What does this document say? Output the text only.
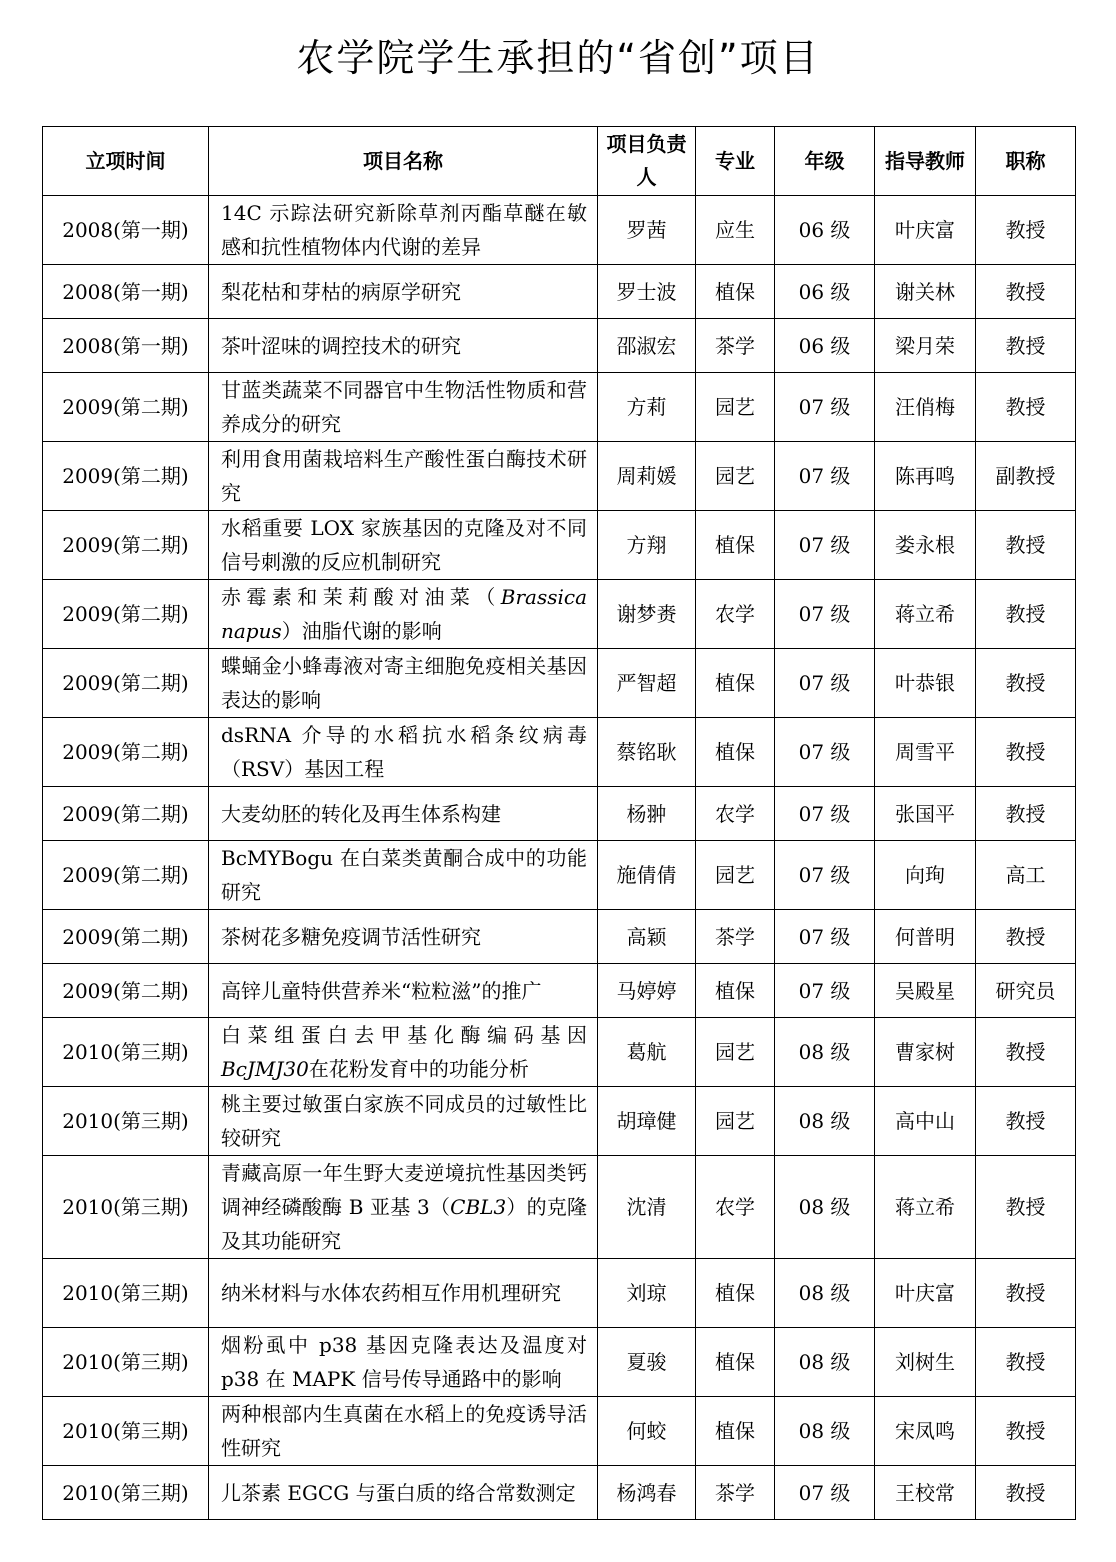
农学院学生承担的“省创”项目
立项时间	项目名称	项目负责人	专业	年级	指导教师	职称
2008(第一期)	14C 示踪法研究新除草剂丙酯草醚在敏感和抗性植物体内代谢的差异	罗茜	应生	06 级	叶庆富	教授
2008(第一期)	梨花枯和芽枯的病原学研究	罗士波	植保	06 级	谢关林	教授
2008(第一期)	茶叶涩味的调控技术的研究	邵淑宏	茶学	06 级	梁月荣	教授
2009(第二期)	甘蓝类蔬菜不同器官中生物活性物质和营养成分的研究	方莉	园艺	07 级	汪俏梅	教授
2009(第二期)	利用食用菌栽培料生产酸性蛋白酶技术研究	周莉媛	园艺	07 级	陈再鸣	副教授
2009(第二期)	水稻重要 LOX 家族基因的克隆及对不同信号刺激的反应机制研究	方翔	植保	07 级	娄永根	教授
2009(第二期)	赤霉素和茉莉酸对油菜（Brassica napus）油脂代谢的影响	谢梦赉	农学	07 级	蒋立希	教授
2009(第二期)	蝶蛹金小蜂毒液对寄主细胞免疫相关基因表达的影响	严智超	植保	07 级	叶恭银	教授
2009(第二期)	dsRNA 介导的水稻抗水稻条纹病毒（RSV）基因工程	蔡铭耿	植保	07 级	周雪平	教授
2009(第二期)	大麦幼胚的转化及再生体系构建	杨翀	农学	07 级	张国平	教授
2009(第二期)	BcMYBogu 在白菜类黄酮合成中的功能研究	施倩倩	园艺	07 级	向珣	高工
2009(第二期)	茶树花多糖免疫调节活性研究	高颖	茶学	07 级	何普明	教授
2009(第二期)	高锌儿童特供营养米“粒粒滋”的推广	马婷婷	植保	07 级	吴殿星	研究员
2010(第三期)	白菜组蛋白去甲基化酶编码基因BcJMJ30在花粉发育中的功能分析	葛航	园艺	08 级	曹家树	教授
2010(第三期)	桃主要过敏蛋白家族不同成员的过敏性比较研究	胡璋健	园艺	08 级	高中山	教授
2010(第三期)	青藏高原一年生野大麦逆境抗性基因类钙调神经磷酸酶 B 亚基 3（CBL3）的克隆及其功能研究	沈清	农学	08 级	蒋立希	教授
2010(第三期)	纳米材料与水体农药相互作用机理研究	刘琼	植保	08 级	叶庆富	教授
2010(第三期)	烟粉虱中 p38 基因克隆表达及温度对 p38 在 MAPK 信号传导通路中的影响	夏骏	植保	08 级	刘树生	教授
2010(第三期)	两种根部内生真菌在水稻上的免疫诱导活性研究	何蛟	植保	08 级	宋凤鸣	教授
2010(第三期)	儿茶素 EGCG 与蛋白质的络合常数测定	杨鸿春	茶学	07 级	王校常	教授
